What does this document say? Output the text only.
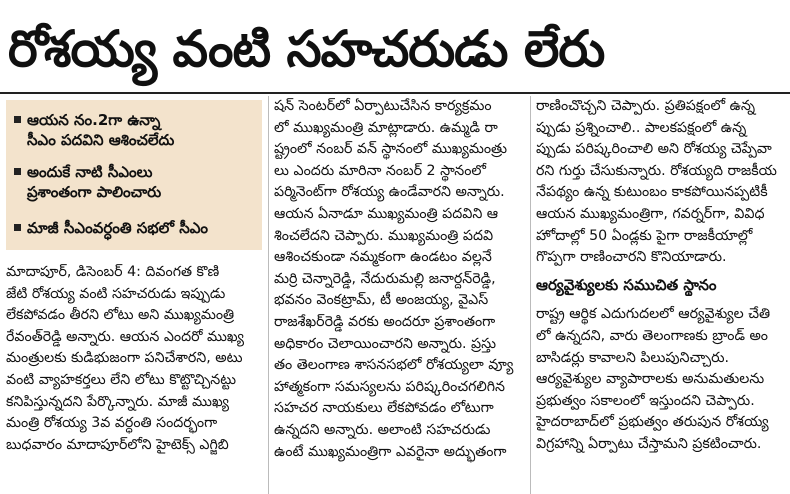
రోశయ్య వంటి సహచరుడు లేరు
ఆయన నం.2గా ఉన్నా
సీఎం పదవిని ఆశించలేదు
అందుకే నాటి సీఎంలు
ప్రశాంతంగా పాలించారు
మాజీ సీఎంవర్ధంతి సభలో సీఎం

మాదాపూర్, డిసెంబర్ 4: దివంగత కొణి

జేటి రోశయ్య వంటి సహచరుడు ఇప్పుడు

లేకపోవడం తీరని లోటు అని ముఖ్యమంత్రి

రేవంత్‌రెడ్డి అన్నారు. ఆయన ఎందరో ముఖ్య

మంత్రులకు కుడిభుజంగా పనిచేశారని, అటు

వంటి వ్యాహకర్తలు లేని లోటు కొట్టొచ్చినట్టు

కనిపిస్తున్నదని పేర్కొన్నారు. మాజీ ముఖ్య

మంత్రి రోశయ్య 3వ వర్ధంతి సందర్భంగా

బుధవారం మాదాపూర్‌లోని హైటెక్స్ ఎగ్జిబి

షన్ సెంటర్‌లో ఏర్పాటుచేసిన కార్యక్రమం

లో ముఖ్యమంత్రి మాట్లాడారు. ఉమ్మడి రా

ష్ట్రంలో నంబర్ వన్ స్థానంలో ముఖ్యమంత్రు

లు ఎందరు మారినా నంబర్ 2 స్థానంలో

పర్మినెంట్‌గా రోశయ్య ఉండేవారని అన్నారు.

ఆయన ఏనాడూ ముఖ్యమంత్రి పదవిని ఆ

శించలేదని చెప్పారు. ముఖ్యమంత్రి పదవి

ఆశించకుండా నమ్మకంగా ఉండటం వల్లనే

మర్రి చెన్నారెడ్డి, నేదురుమల్లి జనార్దన్‌రెడ్డి,

భవనం వెంకట్రామ్, టీ అంజయ్య, వైఎస్

రాజశేఖర్‌రెడ్డి వరకు అందరూ ప్రశాంతంగా

అధికారం చెలాయించారని అన్నారు. ప్రస్తు

తం తెలంగాణ శాసనసభలో రోశయ్యలా వ్యూ

హాత్మకంగా సమస్యలను పరిష్కరించగలిగిన

సహచర నాయకులు లేకపోవడం లోటుగా

ఉన్నదని అన్నారు. అలాంటి సహచరుడు

ఉంటే ముఖ్యమంత్రిగా ఎవరైనా అద్భుతంగా

రాణించొచ్చని చెప్పారు. ప్రతిపక్షంలో ఉన్న

ప్పుడు ప్రశ్నించాలి.. పాలకపక్షంలో ఉన్న

ప్పుడు పరిష్కరించాలి అని రోశయ్య చెప్పేవా

రని గుర్తు చేసుకున్నారు. రోశయ్యది రాజకీయ

నేపథ్యం ఉన్న కుటుంబం కాకపోయినప్పటికీ

ఆయన ముఖ్యమంత్రిగా, గవర్నర్‌గా, వివిధ

హోదాల్లో 50 ఏండ్లకు పైగా రాజకీయాల్లో

గొప్పగా రాణించారని కొనియాడారు.

ఆర్యవైశ్యులకు సముచిత స్థానం

రాష్ట్ర ఆర్థిక ఎదుగుదలలో ఆర్యవైశ్యుల చేతి

లో ఉన్నదని, వారు తెలంగాణకు బ్రాండ్ అం

బాసిడర్లు కావాలని పిలుపునిచ్చారు.

ఆర్యవైశ్యుల వ్యాపారాలకు అనుమతులను

ప్రభుత్వం సకాలంలో ఇస్తుందని చెప్పారు.

హైదరాబాద్‌లో ప్రభుత్వం తరుపున రోశయ్య

విగ్రహాన్ని ఏర్పాటు చేస్తామని ప్రకటించారు.
